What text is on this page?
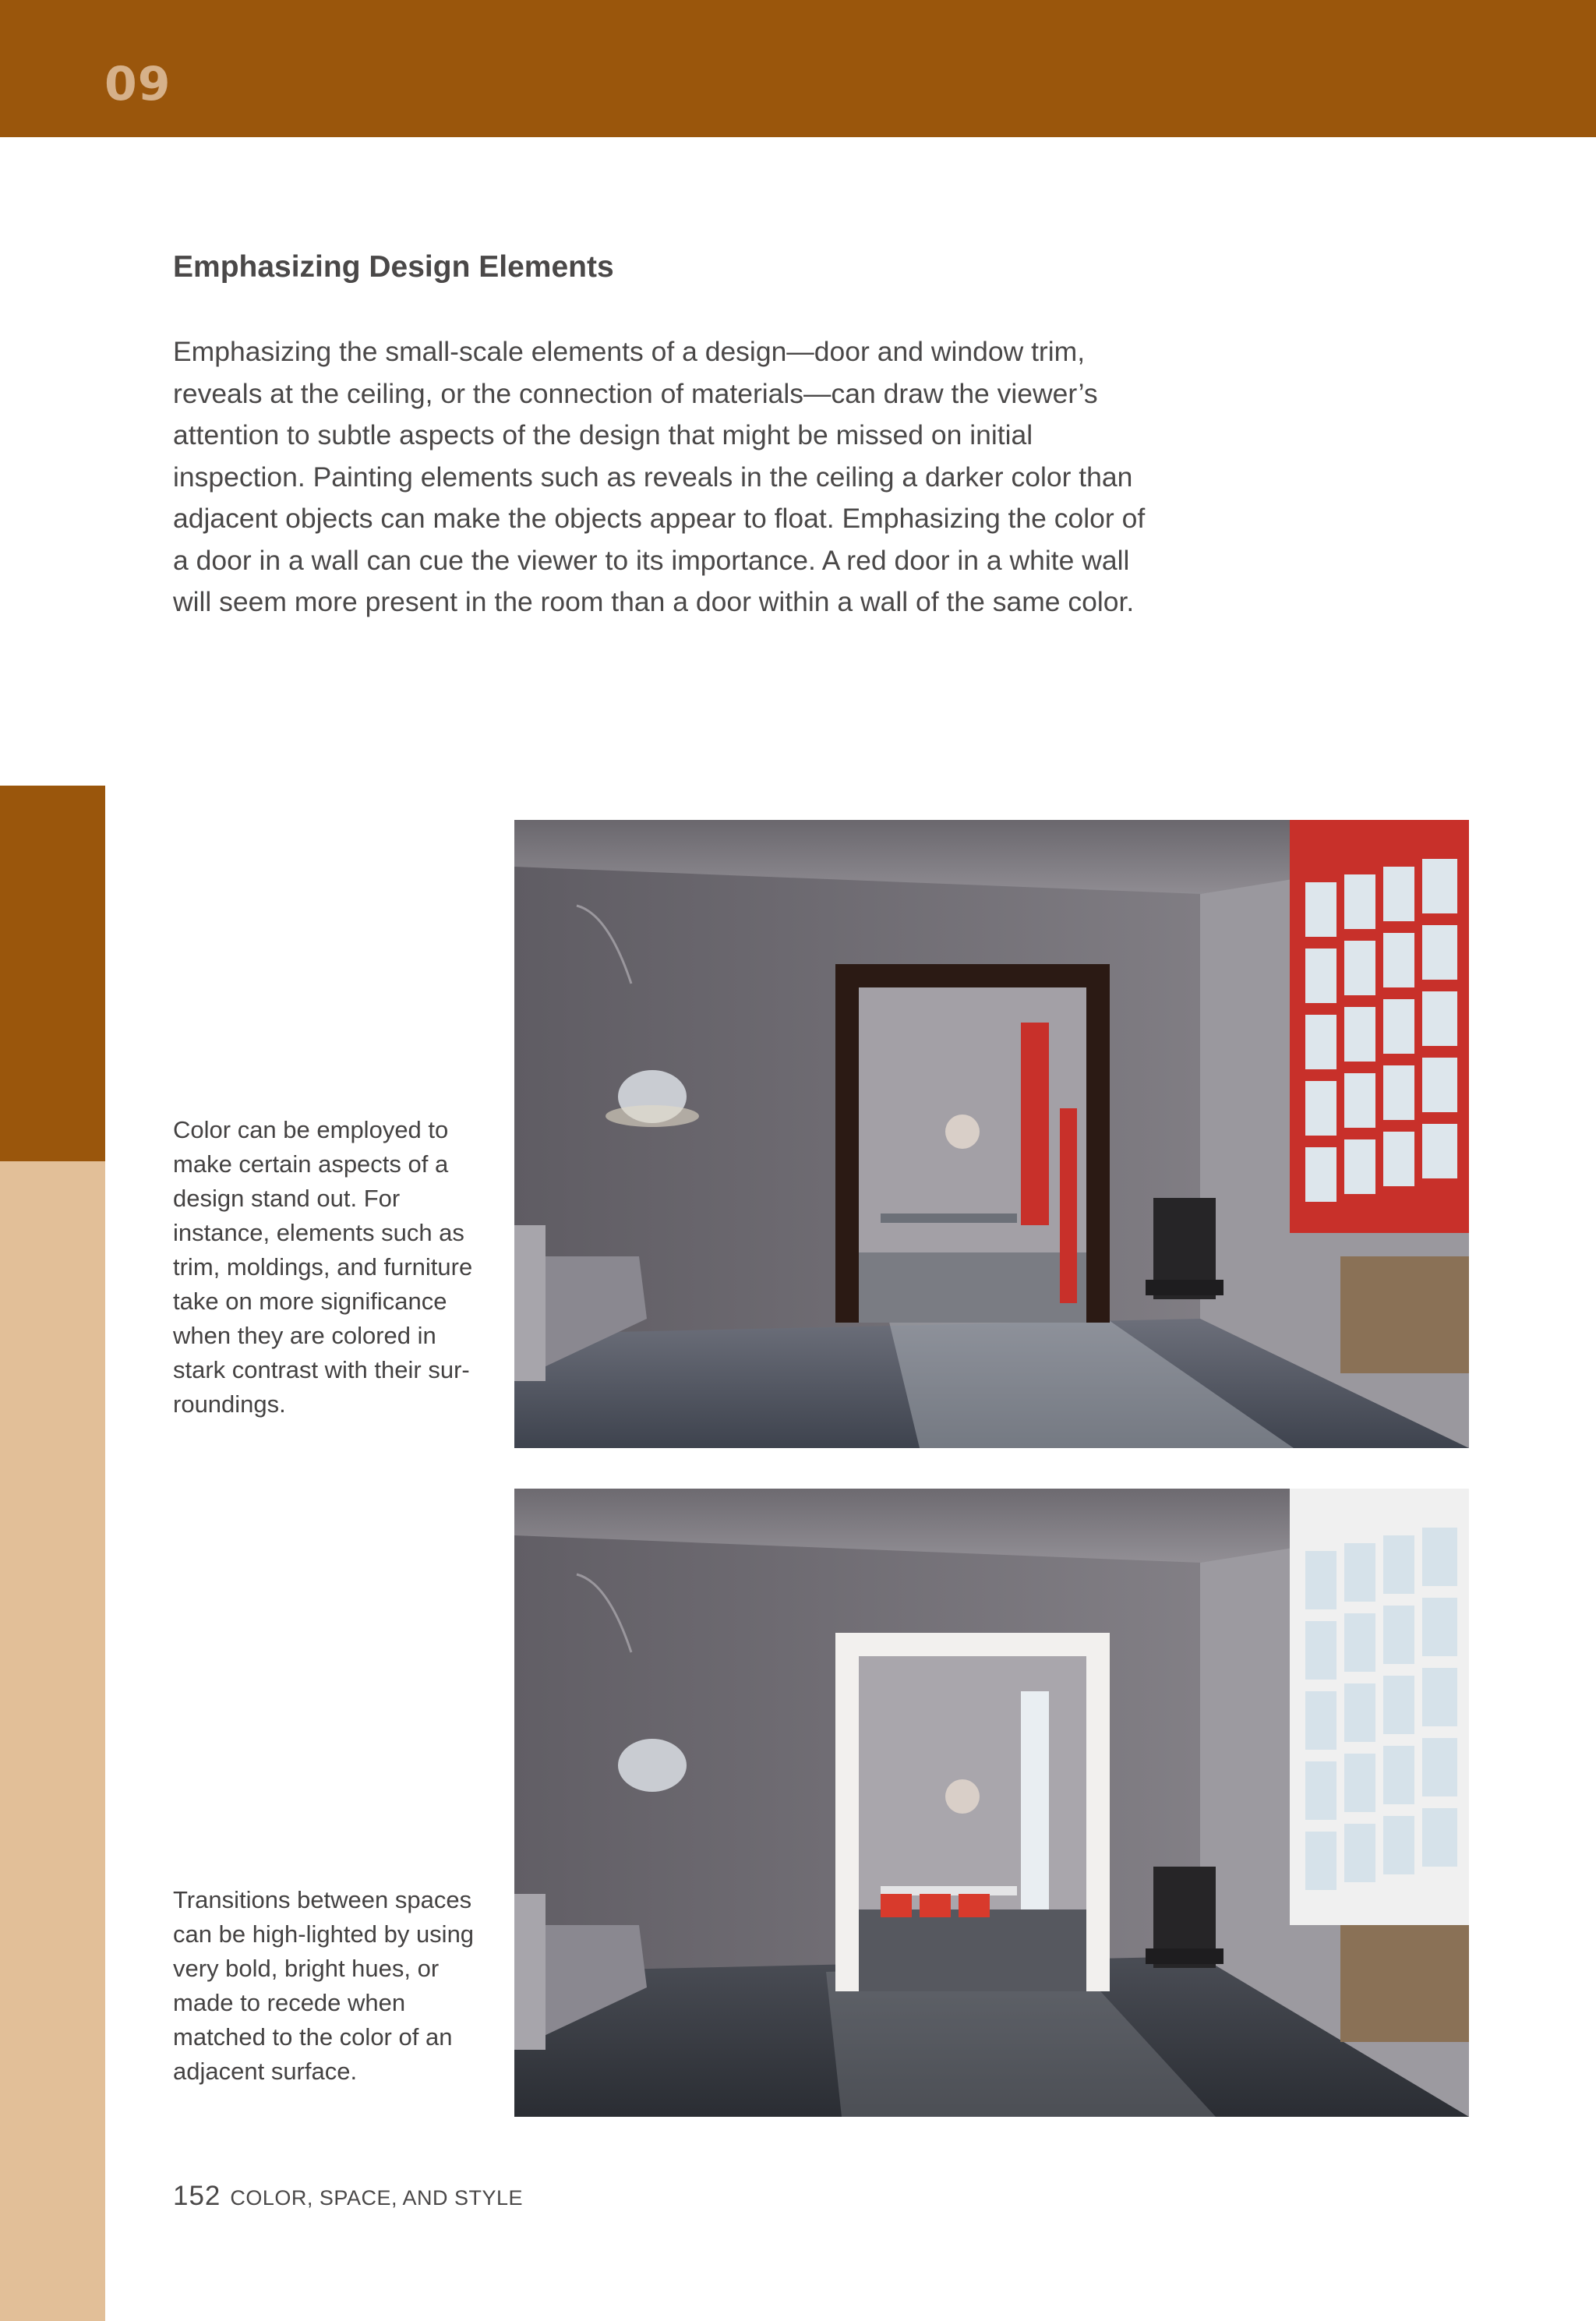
09
Emphasizing Design Elements

Emphasizing the small-scale elements of a design—door and window trim, reveals at the ceiling, or the connection of materials—can draw the viewer’s attention to subtle aspects of the design that might be missed on initial inspection. Painting elements such as reveals in the ceiling a darker color than adjacent objects can make the objects appear to float. Emphasizing the color of a door in a wall can cue the viewer to its importance. A red door in a white wall will seem more present in the room than a door within a wall of the same color.

Color can be employed to make certain aspects of a design stand out. For instance, elements such as trim, moldings, and furniture take on more significance when they are colored in stark contrast with their sur-roundings.

Transitions between spaces can be high-lighted by using very bold, bright hues, or made to recede when matched to the color of an adjacent surface.

152 COLOR, SPACE, AND STYLE
